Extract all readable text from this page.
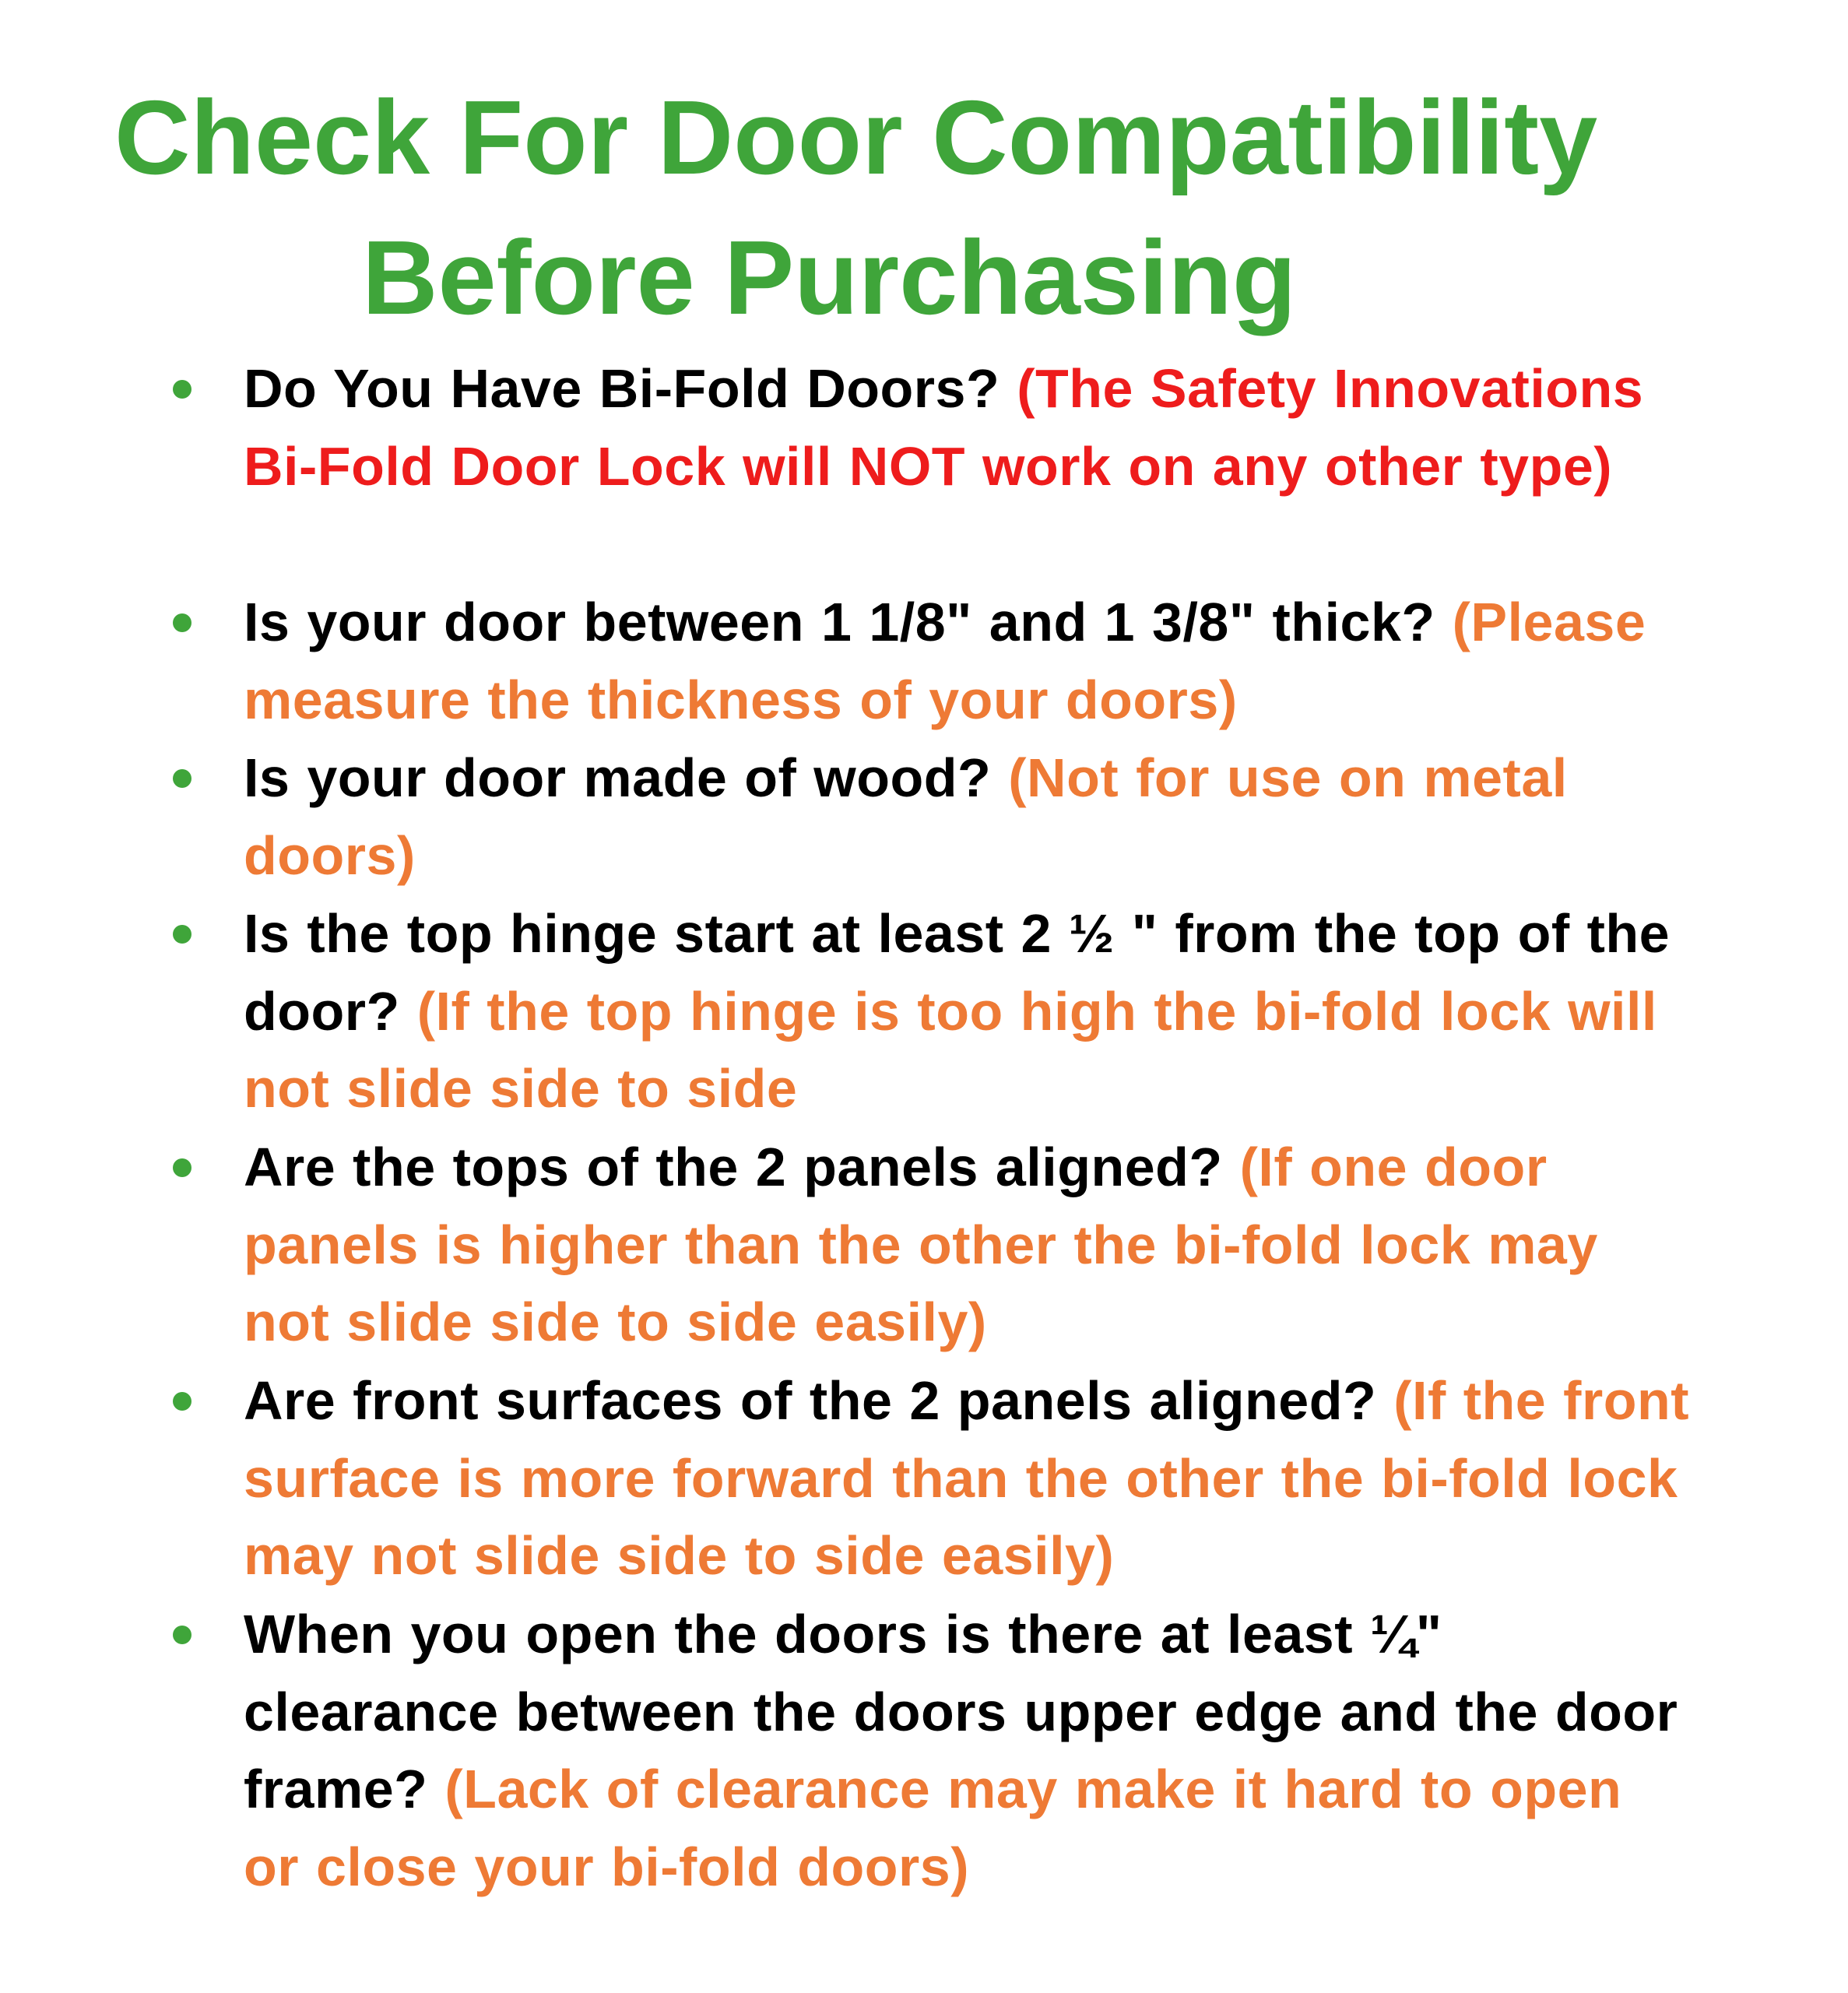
Check For Door Compatibility
Before Purchasing

Do You Have Bi-Fold Doors? (The Safety Innovations Bi-Fold Door Lock will NOT work on any other type)

Is your door between 1 1/8" and 1 3/8" thick? (Please measure the thickness of your doors)

Is your door made of wood? (Not for use on metal doors)

Is the top hinge start at least 2 ½ " from the top of the door? (If the top hinge is too high the bi-fold lock will not slide side to side

Are the tops of the 2 panels aligned? (If one door panels is higher than the other the bi-fold lock may not slide side to side easily)

Are front surfaces of the 2 panels aligned? (If the front surface is more forward than the other the bi-fold lock may not slide side to side easily)

When you open the doors is there at least ¼" clearance between the doors upper edge and the door frame? (Lack of clearance may make it hard to open or close your bi-fold doors)
